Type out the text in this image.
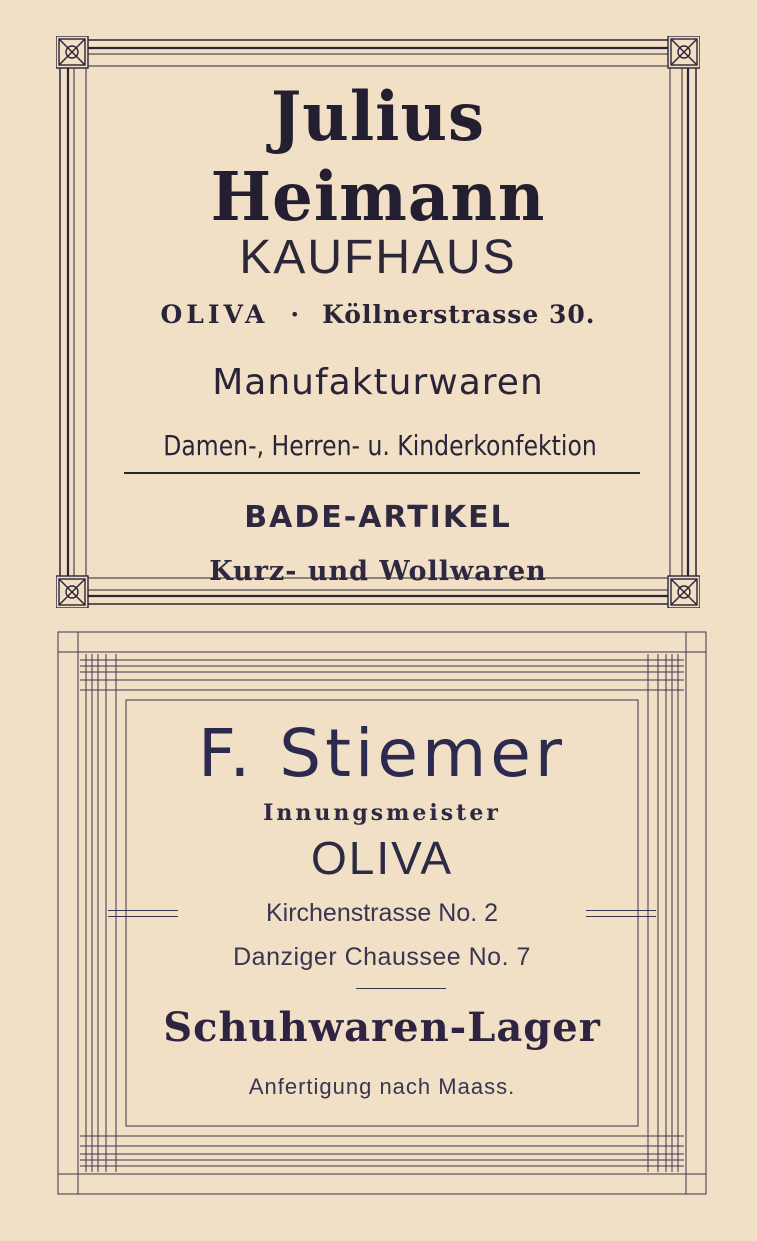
Julius Heimann
KAUFHAUS
OLIVA · Köllnerstrasse 30.
Manufakturwaren
Damen-, Herren- u. Kinderkonfektion
BADE-ARTIKEL
Kurz- und Wollwaren
F. Stiemer
Innungsmeister
OLIVA
Kirchenstrasse No. 2
Danziger Chaussee No. 7
Schuhwaren-Lager
Anfertigung nach Maass.
